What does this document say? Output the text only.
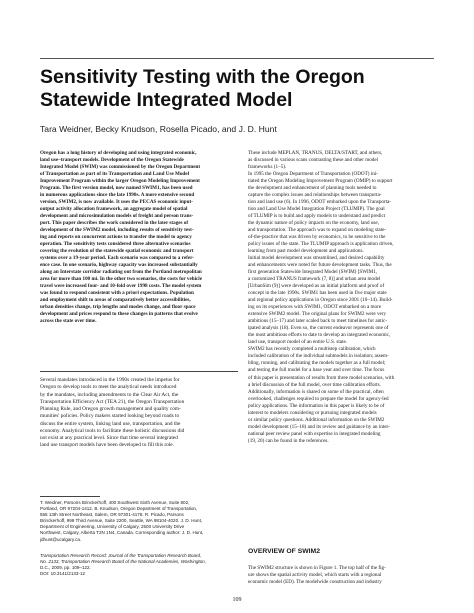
Sensitivity Testing with the Oregon
Statewide Integrated Model
Tara Weidner, Becky Knudson, Rosella Picado, and J. D. Hunt
Oregon has a long history of developing and using integrated economic,
land use–transport models. Development of the Oregon Statewide
Integrated Model (SWIM) was commissioned by the Oregon Department
of Transportation as part of its Transportation and Land Use Model
Improvement Program within the larger Oregon Modeling Improvement
Program. The first version model, now named SWIM1, has been used
in numerous applications since the late 1990s. A more extensive second
version, SWIM2, is now available. It uses the PECAS economic input-
output activity allocation framework, an aggregate model of spatial
development and microsimulation models of freight and person trans-
port. This paper describes the work considered in the later stages of
development of the SWIM2 model, including results of sensitivity test-
ing and reports on concurrent actions to transfer the model to agency
operation. The sensitivity tests considered three alternative scenarios
covering the evolution of the statewide spatial economic and transport
systems over a 19-year period. Each scenario was compared to a refer-
ence case. In one scenario, highway capacity was increased substantially
along an Interstate corridor radiating out from the Portland metropolitan
area for more than 100 mi. In the other two scenarios, the costs for vehicle
travel were increased four- and 10-fold over 1998 costs. The model system
was found to respond consistent with a priori expectations. Population
and employment shift to areas of comparatively better accessibilities,
urban densities change, trip lengths and modes change, and floor space
development and prices respond to these changes in patterns that evolve
across the state over time.
Several mandates introduced in the 1990s created the impetus for
Oregon to develop tools to meet the analytical needs introduced
by the mandates, including amendments to the Clear Air Act, the
Transportation Efficiency Act (TEA 21), the Oregon Transportation
Planning Rule, and Oregon growth management and quality com-
munities' policies. Policy makers started looking beyond roads to
discuss the entire system, linking land use, transportation, and the
economy. Analytical tools to facilitate these holistic discussions did
not exist at any practical level. Since that time several integrated
land use transport models have been developed to fill this role.
T. Weidner, Parsons Brinckerhoff, 400 Southwest Sixth Avenue, Suite 802,
Portland, OR 97204-1412. B. Knudson, Oregon Department of Transportation,
555 13th Street Northeast, Salem, OR 97301-4178. R. Picado, Parsons
Brinckerhoff, 999 Third Avenue, Suite 2200, Seattle, WA 98104-4020. J. D. Hunt,
Department of Engineering, University of Calgary, 2500 University Drive
Northwest, Calgary, Alberta T2N 1N4, Canada. Corresponding author: J. D. Hunt,
jdhunt@ucalgary.ca.
Transportation Research Record: Journal of the Transportation Research Board,
No. 2133, Transportation Research Board of the National Academies, Washington,
D.C., 2009, pp. 109–122.
DOI: 10.3141/2133-12
These include MEPLAN, TRANUS, DELTA/START, and others,
as discussed in various scans contrasting these and other model
frameworks (1–5).
In 1995 the Oregon Department of Transportation (ODOT) ini-
tiated the Oregon Modeling Improvement Program (OMIP) to support
the development and enhancement of planning tools needed to
capture the complex issues and relationships between transporta-
tion and land use (6). In 1996, ODOT embarked upon the Transporta-
tion and Land Use Model Integration Project (TLUMIP). The goal
of TLUMIP is to build and apply models to understand and predict
the dynamic nature of policy impacts on the economy, land use,
and transportation. The approach was to expand on modeling state-
of-the-practice that was driven by economics, to be sensitive to the
policy issues of the state. The TLUMIP approach is application driven,
learning from past model development and applications.
Initial model development was streamlined, and desired capability
and enhancements were noted for future development tasks. Thus, the
first generation Statewide Integrated Model (SWIM) [SWIM1,
a customized TRANUS framework (7, 8)] and urban area model
[UrbanSim (9)] were developed as an initial platform and proof of
concept in the late 1990s. SWIM1 has been used in five major state
and regional policy applications in Oregon since 2001 (10–14). Build-
ing on its experiences with SWIM1, ODOT embarked on a more
extensive SWIM2 model. The original plans for SWIM2 were very
ambitious (15–17) and later scaled back to meet timelines for antic-
ipated analysis (18). Even so, the current endeavor represents one of
the most ambitious efforts to date to develop an integrated economic,
land use, transport model of an entire U.S. state.
SWIM2 has recently completed a multistep calibration, which
included calibration of the individual submodels in isolation; assem-
bling, running, and calibrating the models together as a full model;
and testing the full model for a base year and over time. The focus
of this paper is presentation of results from three model scenarios, with
a brief discussion of the full model, over time calibration efforts.
Additionally, information is shared on some of the practical, often
overlooked, challenges required to prepare the model for agency-led
policy applications. The information in this paper is likely to be of
interest to modelers considering or pursuing integrated models
or similar policy questions. Additional information on the SWIM2
model development (15–18) and its review and guidance by an inter-
national peer review panel with expertise in integrated modeling
(19, 20) can be found in the references.
OVERVIEW OF SWIM2
The SWIM2 structure is shown in Figure 1. The top half of the fig-
ure shows the spatial activity model, which starts with a regional
economic model (ED). The modelwide construction and industry
109
